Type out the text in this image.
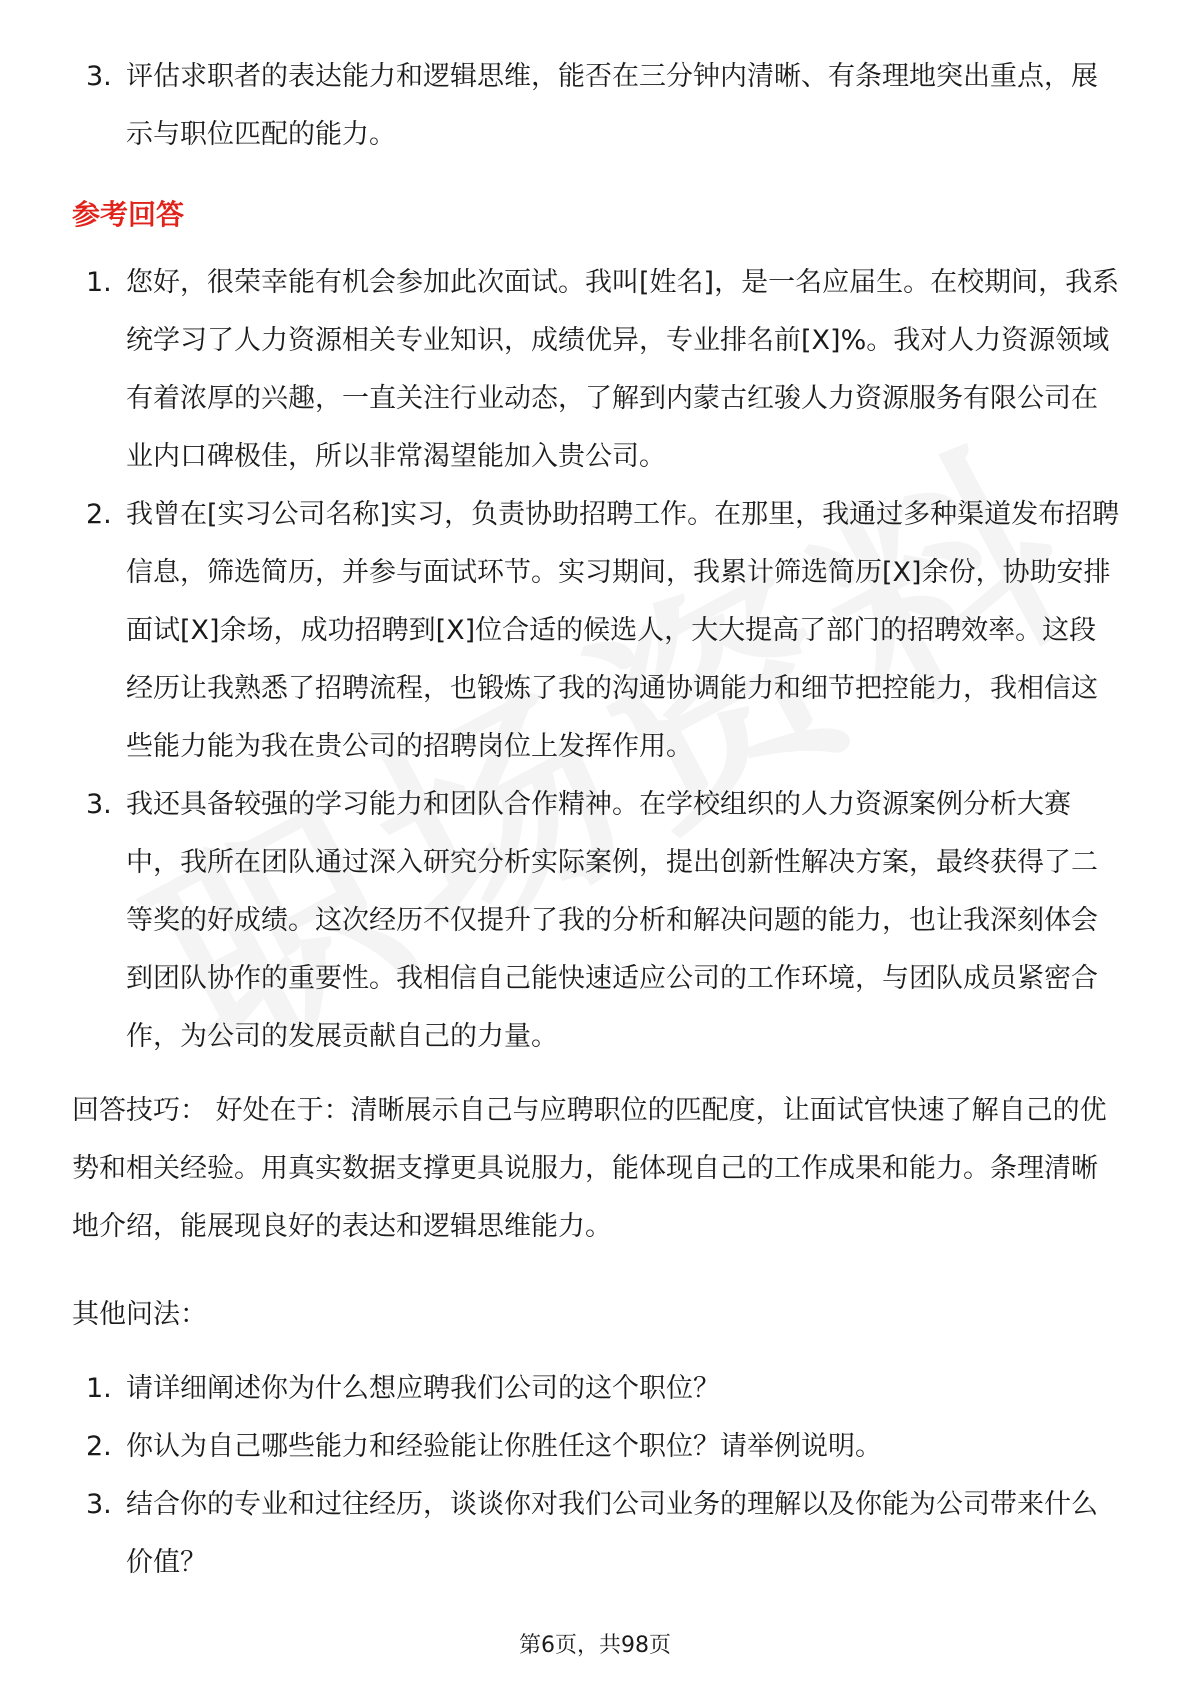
3. 评估求职者的表达能力和逻辑思维，能否在三分钟内清晰、有条理地突出重点，展示与职位匹配的能力。
参考回答
1. 您好，很荣幸能有机会参加此次面试。我叫[姓名]，是一名应届生。在校期间，我系统学习了人力资源相关专业知识，成绩优异，专业排名前[X]%。我对人力资源领域有着浓厚的兴趣，一直关注行业动态，了解到内蒙古红骏人力资源服务有限公司在业内口碑极佳，所以非常渴望能加入贵公司。
2. 我曾在[实习公司名称]实习，负责协助招聘工作。在那里，我通过多种渠道发布招聘信息，筛选简历，并参与面试环节。实习期间，我累计筛选简历[X]余份，协助安排面试[X]余场，成功招聘到[X]位合适的候选人，大大提高了部门的招聘效率。这段经历让我熟悉了招聘流程，也锻炼了我的沟通协调能力和细节把控能力，我相信这些能力能为我在贵公司的招聘岗位上发挥作用。
3. 我还具备较强的学习能力和团队合作精神。在学校组织的人力资源案例分析大赛中，我所在团队通过深入研究分析实际案例，提出创新性解决方案，最终获得了二等奖的好成绩。这次经历不仅提升了我的分析和解决问题的能力，也让我深刻体会到团队协作的重要性。我相信自己能快速适应公司的工作环境，与团队成员紧密合作，为公司的发展贡献自己的力量。

回答技巧： 好处在于：清晰展示自己与应聘职位的匹配度，让面试官快速了解自己的优势和相关经验。用真实数据支撑更具说服力，能体现自己的工作成果和能力。条理清晰地介绍，能展现良好的表达和逻辑思维能力。

其他问法：

1. 请详细阐述你为什么想应聘我们公司的这个职位？
2. 你认为自己哪些能力和经验能让你胜任这个职位？请举例说明。
3. 结合你的专业和过往经历，谈谈你对我们公司业务的理解以及你能为公司带来什么价值？
第6页，共98页
